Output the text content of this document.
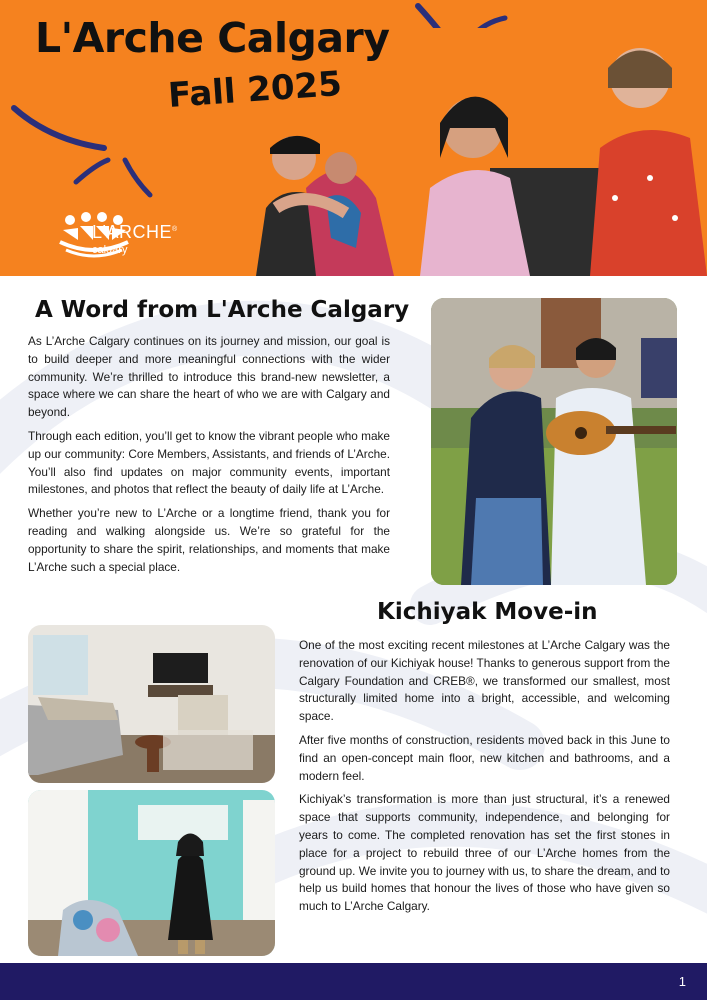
L'Arche Calgary
Fall 2025
L'ARCHE®
calgary
A Word from L'Arche Calgary

As L’Arche Calgary continues on its journey and mission, our goal is to build deeper and more meaningful connections with the wider community. We’re thrilled to introduce this brand-new newsletter, a space where we can share the heart of who we are with Calgary and beyond.

Through each edition, you’ll get to know the vibrant people who make up our community: Core Members, Assistants, and friends of L’Arche. You’ll also find updates on major community events, important milestones, and photos that reflect the beauty of daily life at L’Arche.

Whether you’re new to L’Arche or a longtime friend, thank you for reading and walking alongside us. We’re so grateful for the opportunity to share the spirit, relationships, and moments that make L’Arche such a special place.

Kichiyak Move-in

One of the most exciting recent milestones at L’Arche Calgary was the renovation of our Kichiyak house! Thanks to generous support from the Calgary Foundation and CREB®, we transformed our smallest, most structurally limited home into a bright, accessible, and welcoming space.

After five months of construction, residents moved back in this June to find an open-concept main floor, new kitchen and bathrooms, and a modern feel.

Kichiyak’s transformation is more than just structural, it’s a renewed space that supports community, independence, and belonging for years to come. The completed renovation has set the first stones in place for a project to rebuild three of our L’Arche homes from the ground up. We invite you to journey with us, to share the dream, and to help us build homes that honour the lives of those who have given so much to L’Arche Calgary.

1
